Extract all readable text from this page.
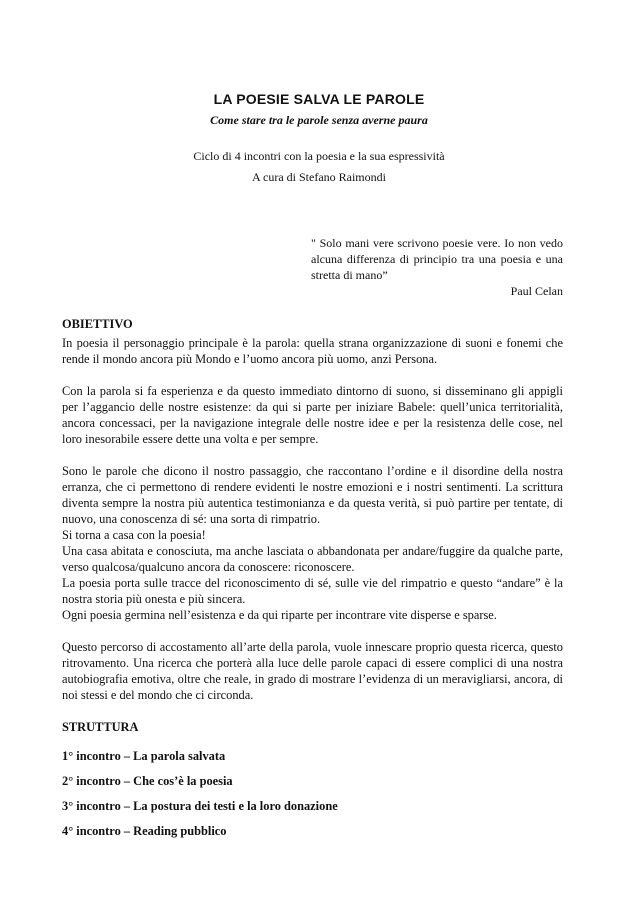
LA POESIE SALVA LE PAROLE
Come stare tra le parole senza averne paura
Ciclo di 4 incontri con la poesia e la sua espressività
A cura di Stefano Raimondi
" Solo mani vere scrivono poesie vere. Io non vedo alcuna differenza di principio tra una poesia e una stretta di mano”
Paul Celan
OBIETTIVO

In poesia il personaggio principale è la parola: quella strana organizzazione di suoni e fonemi che rende il mondo ancora più Mondo e l’uomo ancora più uomo, anzi Persona.

Con la parola si fa esperienza e da questo immediato dintorno di suono, si disseminano gli appigli per l’aggancio delle nostre esistenze: da qui si parte per iniziare Babele: quell’unica territorialità, ancora concessaci, per la navigazione integrale delle nostre idee e per la resistenza delle cose, nel loro inesorabile essere dette una volta e per sempre.

Sono le parole che dicono il nostro passaggio, che raccontano l’ordine e il disordine della nostra erranza, che ci permettono di rendere evidenti le nostre emozioni e i nostri sentimenti. La scrittura diventa sempre la nostra più autentica testimonianza e da questa verità, si può partire per tentate, di nuovo, una conoscenza di sé: una sorta di rimpatrio.

Si torna a casa con la poesia!

Una casa abitata e conosciuta, ma anche lasciata o abbandonata per andare/fuggire da qualche parte, verso qualcosa/qualcuno ancora da conoscere: riconoscere.

La poesia porta sulle tracce del riconoscimento di sé, sulle vie del rimpatrio e questo “andare” è la nostra storia più onesta e più sincera.

Ogni poesia germina nell’esistenza e da qui riparte per incontrare vite disperse e sparse.

Questo percorso di accostamento all’arte della parola, vuole innescare proprio questa ricerca, questo ritrovamento. Una ricerca che porterà alla luce delle parole capaci di essere complici di una nostra autobiografia emotiva, oltre che reale, in grado di mostrare l’evidenza di un meravigliarsi, ancora, di noi stessi e del mondo che ci circonda.

STRUTTURA
1° incontro – La parola salvata
2° incontro – Che cos’è la poesia
3° incontro – La postura dei testi e la loro donazione
4° incontro – Reading pubblico
